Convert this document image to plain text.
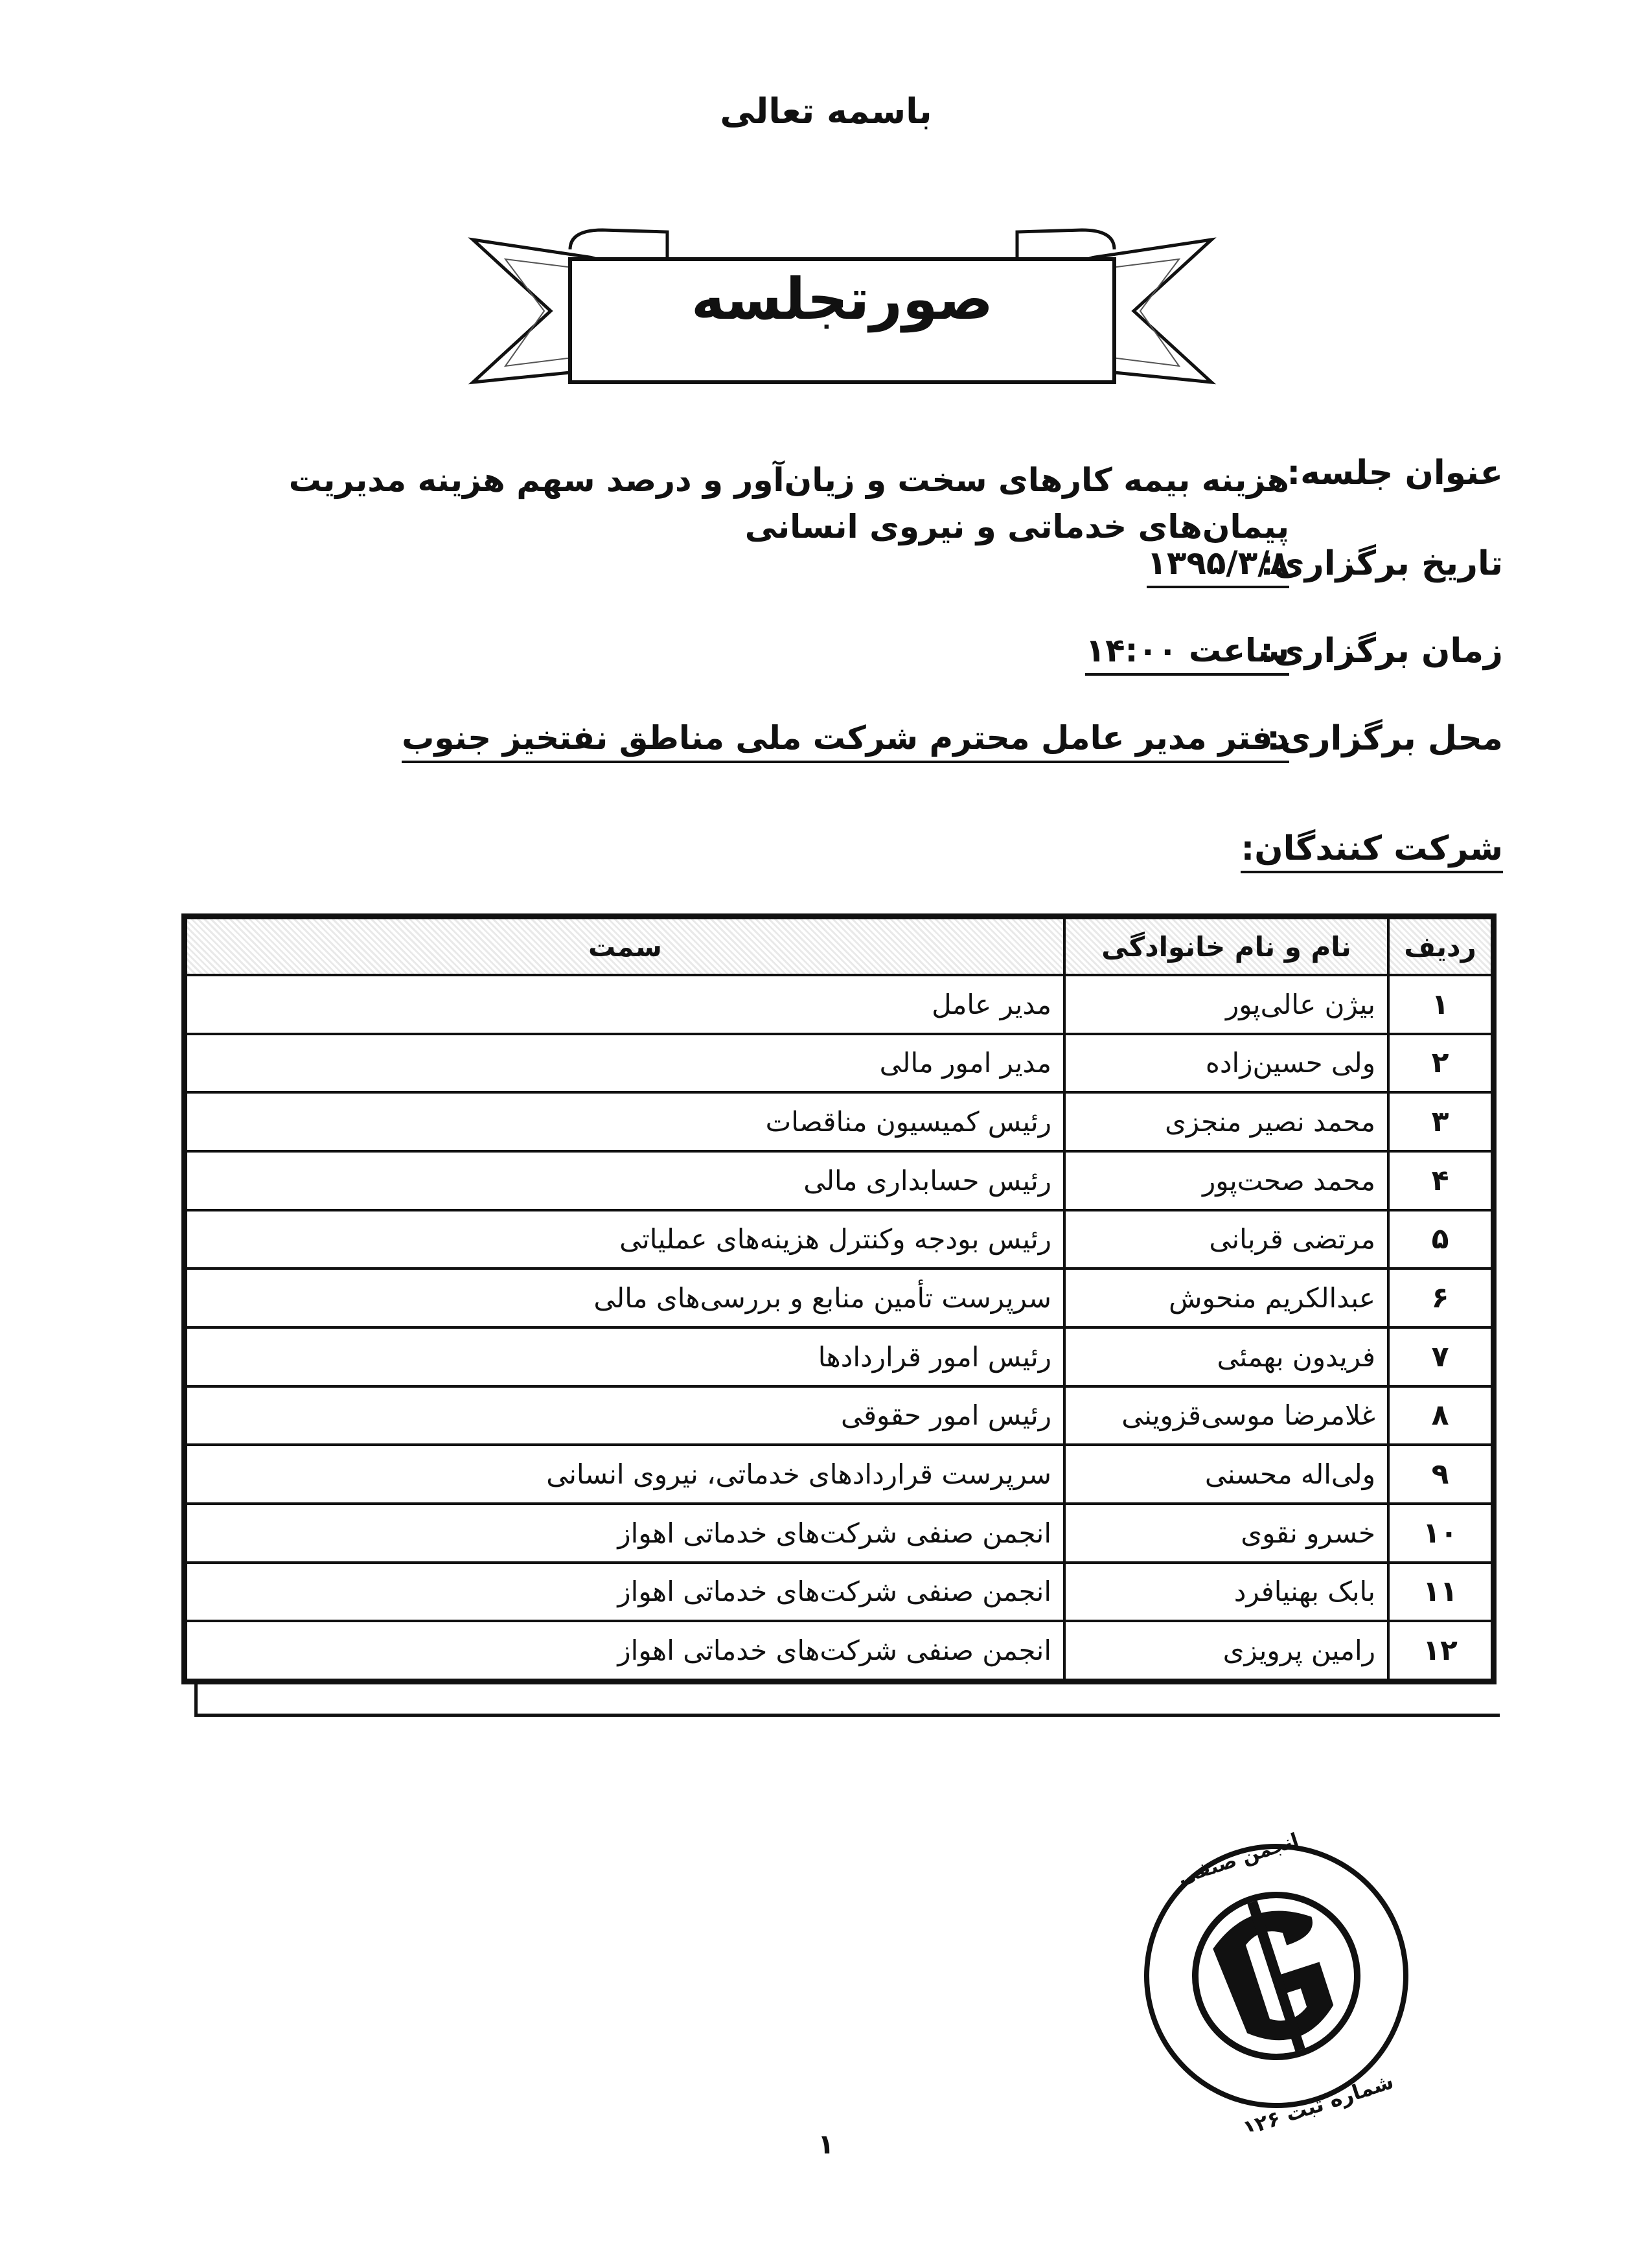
باسمه تعالی
صورتجلسه
عنوان جلسه:
هزینه بیمه کارهای سخت و زیان‌آور و درصد سهم هزینه مدیریت پیمان‌های خدماتی و نیروی انسانی
تاریخ برگزاری:
۱۳۹۵/۳/۸
زمان برگزاری:
ساعت ۱۴:۰۰
محل برگزاری:
دفتر مدیر عامل محترم شرکت ملی مناطق نفتخیز جنوب
شرکت کنندگان:
ردیف	نام و نام خانوادگی	سمت
۱	بیژن عالی‌پور	مدیر عامل
۲	ولی حسین‌زاده	مدیر امور مالی
۳	محمد نصیر منجزی	رئیس کمیسیون مناقصات
۴	محمد صحت‌پور	رئیس حسابداری مالی
۵	مرتضی قربانی	رئیس بودجه وکنترل هزینه‌های عملیاتی
۶	عبدالکریم منحوش	سرپرست تأمین منابع و بررسی‌های مالی
۷	فریدون بهمئی	رئیس امور قراردادها
۸	غلامرضا موسی‌قزوینی	رئیس امور حقوقی
۹	ولی‌اله محسنی	سرپرست قراردادهای خدماتی، نیروی انسانی
۱۰	خسرو نقوی	انجمن صنفی شرکت‌های خدماتی اهواز
۱۱	بابک بهنیافرد	انجمن صنفی شرکت‌های خدماتی اهواز
۱۲	رامین پرویزی	انجمن صنفی شرکت‌های خدماتی اهواز
انجمن صنفی
شماره ثبت ۱۲۶
۱
